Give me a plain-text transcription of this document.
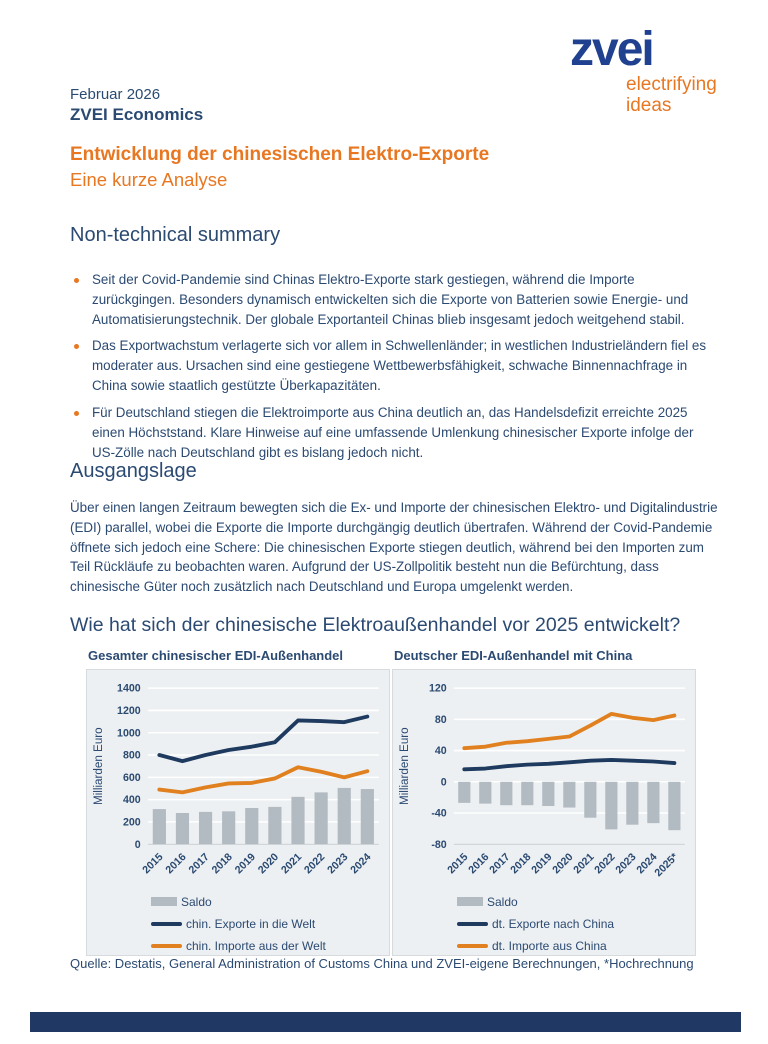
zvei
electrifying
ideas
Februar 2026
ZVEI Economics
Entwicklung der chinesischen Elektro-Exporte
Eine kurze Analyse
Non-technical summary
Seit der Covid-Pandemie sind Chinas Elektro-Exporte stark gestiegen, während die Importe zurückgingen. Besonders dynamisch entwickelten sich die Exporte von Batterien sowie Energie- und Automatisierungstechnik. Der globale Exportanteil Chinas blieb insgesamt jedoch weitgehend stabil.
Das Exportwachstum verlagerte sich vor allem in Schwellenländer; in westlichen Industrieländern fiel es moderater aus. Ursachen sind eine gestiegene Wettbewerbsfähigkeit, schwache Binnennachfrage in China sowie staatlich gestützte Überkapazitäten.
Für Deutschland stiegen die Elektroimporte aus China deutlich an, das Handelsdefizit erreichte 2025 einen Höchststand. Klare Hinweise auf eine umfassende Umlenkung chinesischer Exporte infolge der US-Zölle nach Deutschland gibt es bislang jedoch nicht.
Ausgangslage

Über einen langen Zeitraum bewegten sich die Ex- und Importe der chinesischen Elektro- und Digitalindustrie (EDI) parallel, wobei die Exporte die Importe durchgängig deutlich übertrafen. Während der Covid-Pandemie öffnete sich jedoch eine Schere: Die chinesischen Exporte stiegen deutlich, während bei den Importen zum Teil Rückläufe zu beobachten waren. Aufgrund der US-Zollpolitik besteht nun die Befürchtung, dass chinesische Güter noch zusätzlich nach Deutschland und Europa umgelenkt werden.

Wie hat sich der chinesische Elektroaußenhandel vor 2025 entwickelt?
Gesamter chinesischer EDI-Außenhandel
0
200
400
600
800
1000
1200
1400
2015
2016
2017
2018
2019
2020
2021
2022
2023
2024
Milliarden Euro
Saldo
chin. Exporte in die Welt
chin. Importe aus der Welt
Deutscher EDI-Außenhandel mit China
-80
-40
0
40
80
120
2015
2016
2017
2018
2019
2020
2021
2022
2023
2024
2025*
Milliarden Euro
Saldo
dt. Exporte nach China
dt. Importe aus China
Quelle: Destatis, General Administration of Customs China und ZVEI-eigene Berechnungen, *Hochrechnung
